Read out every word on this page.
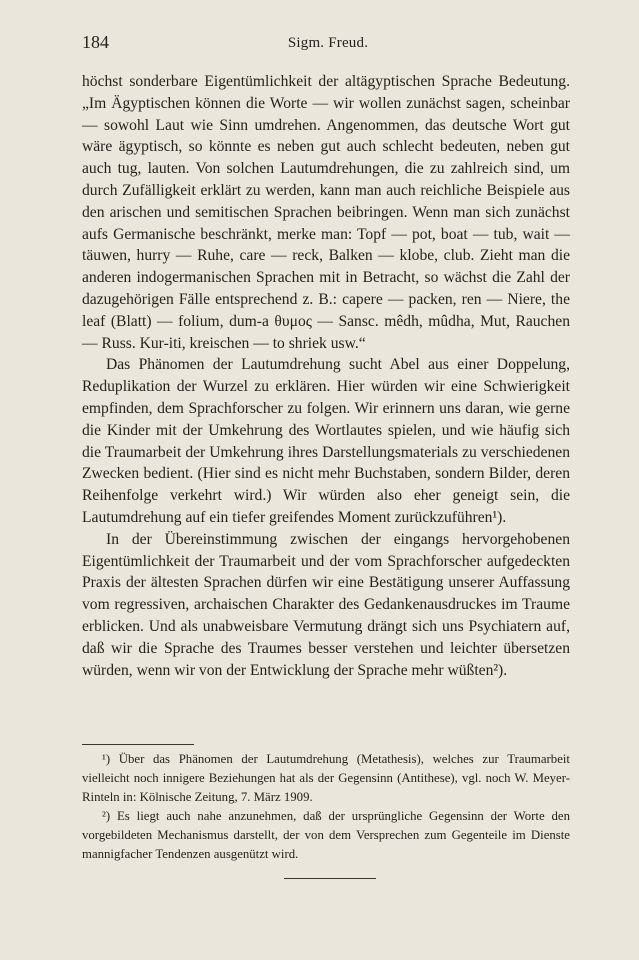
184	Sigm. Freud.

höchst sonderbare Eigentümlichkeit der altägyptischen Sprache Bedeutung. „Im Ägyptischen können die Worte — wir wollen zunächst sagen, scheinbar — sowohl Laut wie Sinn umdrehen. Angenommen, das deutsche Wort gut wäre ägyptisch, so könnte es neben gut auch schlecht bedeuten, neben gut auch tug, lauten. Von solchen Lautumdrehungen, die zu zahlreich sind, um durch Zufälligkeit erklärt zu werden, kann man auch reichliche Beispiele aus den arischen und semitischen Sprachen beibringen. Wenn man sich zunächst aufs Germanische beschränkt, merke man: Topf — pot, boat — tub, wait — täuwen, hurry — Ruhe, care — reck, Balken — klobe, club. Zieht man die anderen indogermanischen Sprachen mit in Betracht, so wächst die Zahl der dazugehörigen Fälle entsprechend z. B.: capere — packen, ren — Niere, the leaf (Blatt) — folium, dum-a θυμος — Sansc. mêdh, mûdha, Mut, Rauchen — Russ. Kur-iti, kreischen — to shriek usw.“

Das Phänomen der Lautumdrehung sucht Abel aus einer Doppelung, Reduplikation der Wurzel zu erklären. Hier würden wir eine Schwierigkeit empfinden, dem Sprachforscher zu folgen. Wir erinnern uns daran, wie gerne die Kinder mit der Umkehrung des Wortlautes spielen, und wie häufig sich die Traumarbeit der Umkehrung ihres Darstellungsmaterials zu verschiedenen Zwecken bedient. (Hier sind es nicht mehr Buchstaben, sondern Bilder, deren Reihenfolge verkehrt wird.) Wir würden also eher geneigt sein, die Lautumdrehung auf ein tiefer greifendes Moment zurückzuführen¹).

In der Übereinstimmung zwischen der eingangs hervorgehobenen Eigentümlichkeit der Traumarbeit und der vom Sprachforscher aufgedeckten Praxis der ältesten Sprachen dürfen wir eine Bestätigung unserer Auffassung vom regressiven, archaischen Charakter des Gedankenausdruckes im Traume erblicken. Und als unabweisbare Vermutung drängt sich uns Psychiatern auf, daß wir die Sprache des Traumes besser verstehen und leichter übersetzen würden, wenn wir von der Entwicklung der Sprache mehr wüßten²).

¹) Über das Phänomen der Lautumdrehung (Metathesis), welches zur Traumarbeit vielleicht noch innigere Beziehungen hat als der Gegensinn (Antithese), vgl. noch W. Meyer-Rinteln in: Kölnische Zeitung, 7. März 1909.

²) Es liegt auch nahe anzunehmen, daß der ursprüngliche Gegensinn der Worte den vorgebildeten Mechanismus darstellt, der von dem Versprechen zum Gegenteile im Dienste mannigfacher Tendenzen ausgenützt wird.
